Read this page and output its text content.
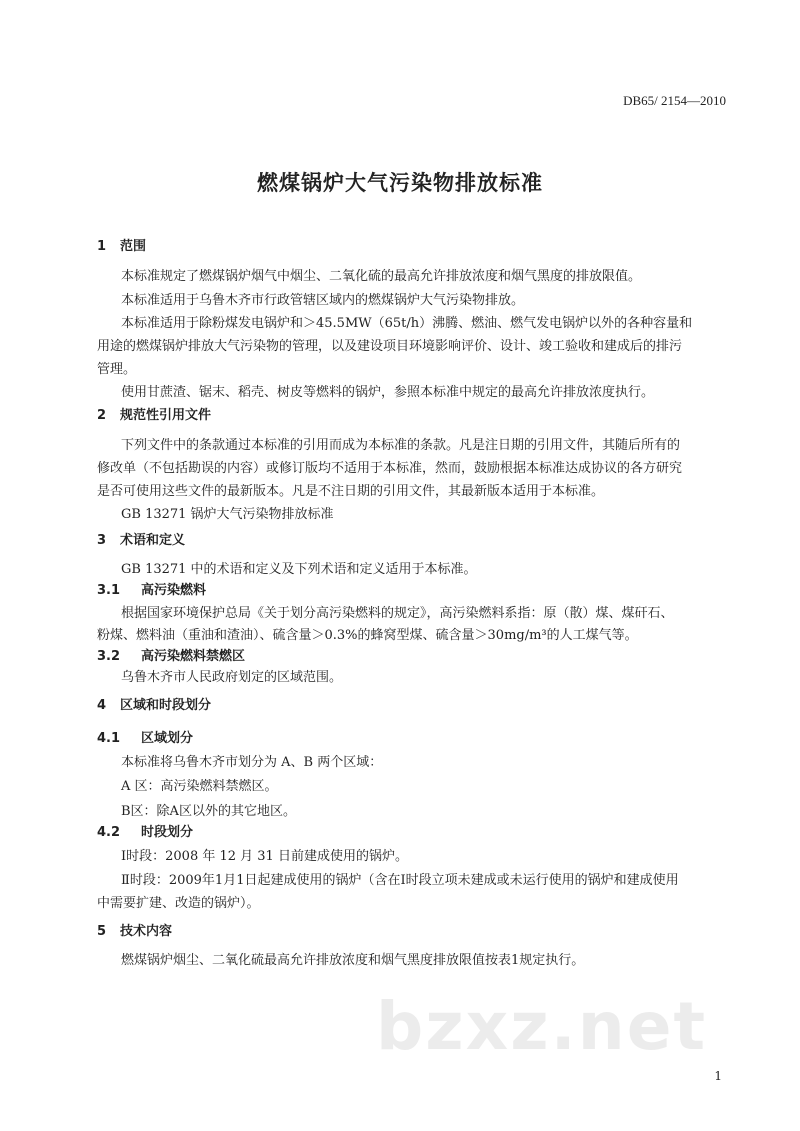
DB65/ 2154—2010
燃煤锅炉大气污染物排放标准
1 范围
本标准规定了燃煤锅炉烟气中烟尘、二氧化硫的最高允许排放浓度和烟气黑度的排放限值。
本标准适用于乌鲁木齐市行政管辖区域内的燃煤锅炉大气污染物排放。
本标准适用于除粉煤发电锅炉和＞45.5MW（65t/h）沸腾、燃油、燃气发电锅炉以外的各种容量和
用途的燃煤锅炉排放大气污染物的管理，以及建设项目环境影响评价、设计、竣工验收和建成后的排污
管理。
使用甘蔗渣、锯末、稻壳、树皮等燃料的锅炉，参照本标准中规定的最高允许排放浓度执行。
2 规范性引用文件
下列文件中的条款通过本标准的引用而成为本标准的条款。凡是注日期的引用文件，其随后所有的
修改单（不包括勘误的内容）或修订版均不适用于本标准，然而，鼓励根据本标准达成协议的各方研究
是否可使用这些文件的最新版本。凡是不注日期的引用文件，其最新版本适用于本标准。
GB 13271 锅炉大气污染物排放标准
3 术语和定义
GB 13271 中的术语和定义及下列术语和定义适用于本标准。
3.1 高污染燃料
根据国家环境保护总局《关于划分高污染燃料的规定》，高污染燃料系指：原（散）煤、煤矸石、
粉煤、燃料油（重油和渣油）、硫含量＞0.3%的蜂窝型煤、硫含量＞30mg/m³的人工煤气等。
3.2 高污染燃料禁燃区
乌鲁木齐市人民政府划定的区域范围。
4 区域和时段划分
4.1 区域划分
本标准将乌鲁木齐市划分为 A、B 两个区域：
A 区：高污染燃料禁燃区。
B区：除A区以外的其它地区。
4.2 时段划分
Ⅰ时段：2008 年 12 月 31 日前建成使用的锅炉。
Ⅱ时段：2009年1月1日起建成使用的锅炉（含在Ⅰ时段立项未建成或未运行使用的锅炉和建成使用
中需要扩建、改造的锅炉）。
5 技术内容
燃煤锅炉烟尘、二氧化硫最高允许排放浓度和烟气黑度排放限值按表1规定执行。
bzxz.net
1
